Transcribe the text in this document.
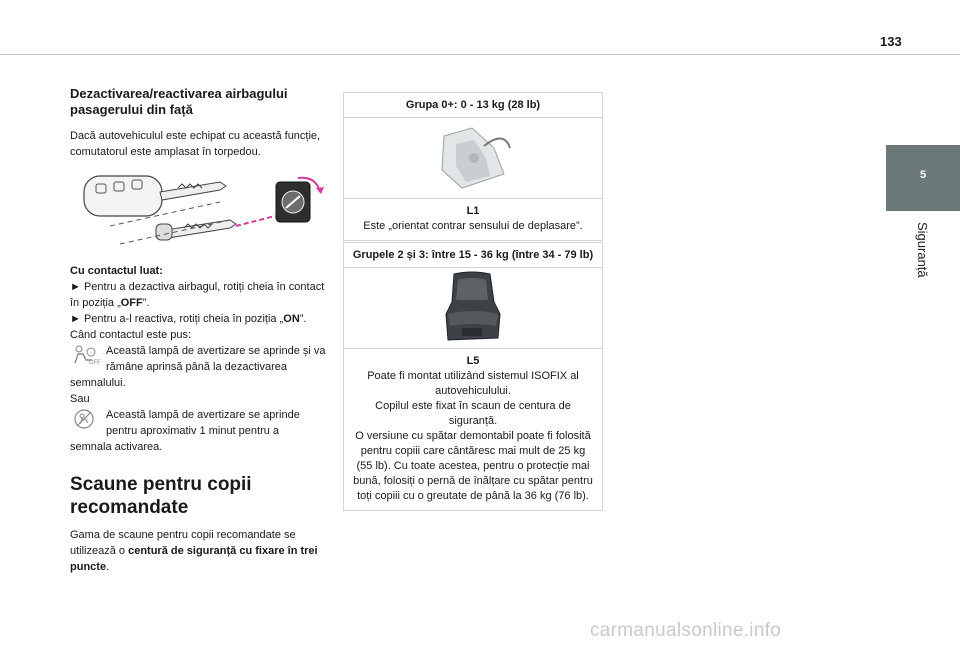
133
5
Siguranță
Dezactivarea/reactivarea airbagului pasagerului din față

Dacă autovehiculul este echipat cu această funcție, comutatorul este amplasat în torpedou.

Cu contactul luat:

► Pentru a dezactiva airbagul, rotiți cheia în contact în poziția „OFF”.

► Pentru a-l reactiva, rotiți cheia în poziția „ON”.

Când contactul este pus:

OFF
Această lampă de avertizare se aprinde și va rămâne aprinsă până la dezactivarea

semnalului.

Sau

Această lampă de avertizare se aprinde pentru aproximativ 1 minut pentru a

semnala activarea.

Scaune pentru copii recomandate

Gama de scaune pentru copii recomandate se utilizează o centură de siguranță cu fixare în trei puncte.

Grupa 0+: 0 - 13 kg (28 lb)
L1
Este „orientat contrar sensului de deplasare”.
Grupele 2 și 3: între 15 - 36 kg (între 34 - 79 lb)
L5
Poate fi montat utilizând sistemul ISOFIX al autovehiculului.
Copilul este fixat în scaun de centura de siguranță.
O versiune cu spătar demontabil poate fi folosită pentru copiii care cântăresc mai mult de 25 kg (55 lb). Cu toate acestea, pentru o protecție mai bună, folosiți o pernă de înălțare cu spătar pentru toți copiii cu o greutate de până la 36 kg (76 lb).
carmanualsonline.info
